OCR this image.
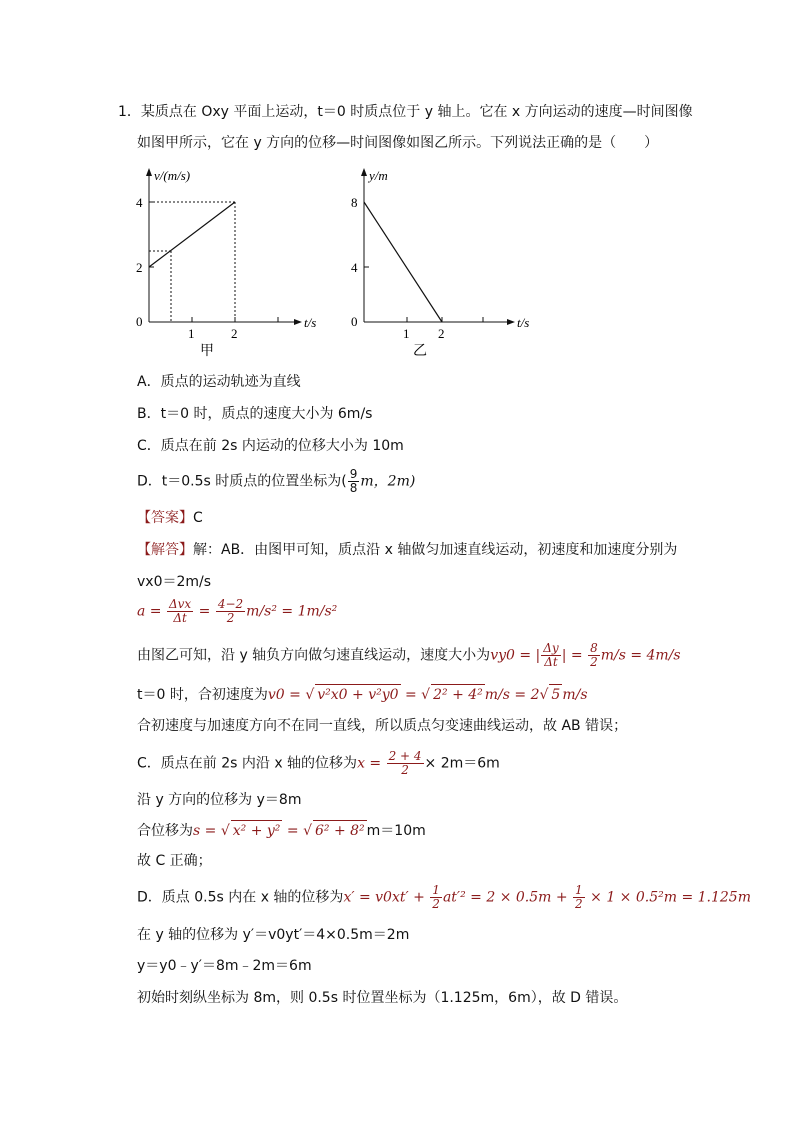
1．某质点在 Oxy 平面上运动，t＝0 时质点位于 y 轴上。它在 x 方向运动的速度—时间图像
如图甲所示，它在 y 方向的位移—时间图像如图乙所示。下列说法正确的是（　　）
v/(m/s)
4
2
0
1	2
t/s
甲
y/m
8
4
0
1 2
t/s
乙
A．质点的运动轨迹为直线
B．t＝0 时，质点的速度大小为 6m/s
C．质点在前 2s 内运动的位移大小为 10m
D．t＝0.5s 时质点的位置坐标为( $\frac{9}{8}$ m，2m)
【答案】C
【解答】解：AB．由图甲可知，质点沿 x 轴做匀加速直线运动，初速度和加速度分别为
vx0＝2m/s
$a = \frac{\text{Δvx}}{\Delta t} = \frac{4-2}{2} m/s^2 = 1m/s^2$
由图乙可知，沿 y 轴负方向做匀速直线运动，速度大小为vy0 = | $\frac{\Delta y}{\Delta t}$ | = $\frac{8}{2} m/s = 4m/s$
t＝0 时，合初速度为v0 = √ v²x0 + v²y0 = √ 2² + 4² m/s = 2√ 5 m/s
合初速度与加速度方向不在同一直线，所以质点匀变速曲线运动，故 AB 错误；
C．质点在前 2s 内沿 x 轴的位移为$x = \frac{2 + 4}{2} \times 2m=6m$
沿 y 方向的位移为 y＝8m
合位移为s = √ x² + y² = √ 6² + 8² m＝10m
故 C 正确；
D．质点 0.5s 内在 x 轴的位移为$x' = v0xt' + \frac{1}{2} at'^2 = 2 \times 0.5m + \frac{1}{2} \times 1 \times 0.5^2m = 1.125m$
在 y 轴的位移为 y′＝v0yt′＝4×0.5m＝2m
y＝y0﹣y′＝8m﹣2m＝6m
初始时刻纵坐标为 8m，则 0.5s 时位置坐标为（1.125m，6m），故 D 错误。
